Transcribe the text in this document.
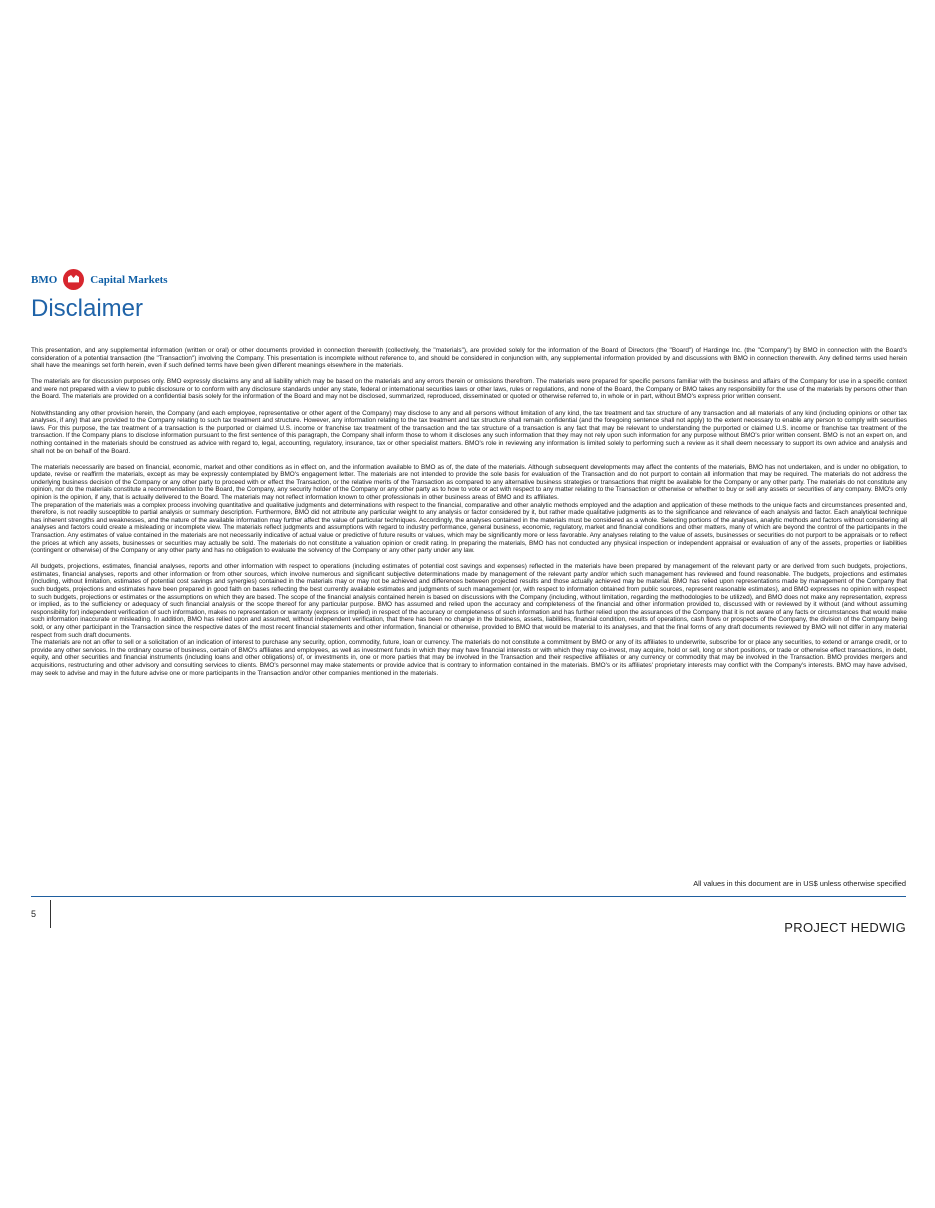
BMO	Capital Markets
Disclaimer

This presentation, and any supplemental information (written or oral) or other documents provided in connection therewith (collectively, the "materials"), are provided solely for the information of the Board of Directors (the "Board") of Hardinge Inc. (the "Company") by BMO in connection with the Board's consideration of a potential transaction (the "Transaction") involving the Company. This presentation is incomplete without reference to, and should be considered in conjunction with, any supplemental information provided by and discussions with BMO in connection therewith. Any defined terms used herein shall have the meanings set forth herein, even if such defined terms have been given different meanings elsewhere in the materials.

The materials are for discussion purposes only. BMO expressly disclaims any and all liability which may be based on the materials and any errors therein or omissions therefrom. The materials were prepared for specific persons familiar with the business and affairs of the Company for use in a specific context and were not prepared with a view to public disclosure or to conform with any disclosure standards under any state, federal or international securities laws or other laws, rules or regulations, and none of the Board, the Company or BMO takes any responsibility for the use of the materials by persons other than the Board. The materials are provided on a confidential basis solely for the information of the Board and may not be disclosed, summarized, reproduced, disseminated or quoted or otherwise referred to, in whole or in part, without BMO's express prior written consent.

Notwithstanding any other provision herein, the Company (and each employee, representative or other agent of the Company) may disclose to any and all persons without limitation of any kind, the tax treatment and tax structure of any transaction and all materials of any kind (including opinions or other tax analyses, if any) that are provided to the Company relating to such tax treatment and structure. However, any information relating to the tax treatment and tax structure shall remain confidential (and the foregoing sentence shall not apply) to the extent necessary to enable any person to comply with securities laws. For this purpose, the tax treatment of a transaction is the purported or claimed U.S. income or franchise tax treatment of the transaction and the tax structure of a transaction is any fact that may be relevant to understanding the purported or claimed U.S. income or franchise tax treatment of the transaction. If the Company plans to disclose information pursuant to the first sentence of this paragraph, the Company shall inform those to whom it discloses any such information that they may not rely upon such information for any purpose without BMO's prior written consent. BMO is not an expert on, and nothing contained in the materials should be construed as advice with regard to, legal, accounting, regulatory, insurance, tax or other specialist matters. BMO's role in reviewing any information is limited solely to performing such a review as it shall deem necessary to support its own advice and analysis and shall not be on behalf of the Board.

The materials necessarily are based on financial, economic, market and other conditions as in effect on, and the information available to BMO as of, the date of the materials. Although subsequent developments may affect the contents of the materials, BMO has not undertaken, and is under no obligation, to update, revise or reaffirm the materials, except as may be expressly contemplated by BMO's engagement letter. The materials are not intended to provide the sole basis for evaluation of the Transaction and do not purport to contain all information that may be required. The materials do not address the underlying business decision of the Company or any other party to proceed with or effect the Transaction, or the relative merits of the Transaction as compared to any alternative business strategies or transactions that might be available for the Company or any other party. The materials do not constitute any opinion, nor do the materials constitute a recommendation to the Board, the Company, any security holder of the Company or any other party as to how to vote or act with respect to any matter relating to the Transaction or otherwise or whether to buy or sell any assets or securities of any company. BMO's only opinion is the opinion, if any, that is actually delivered to the Board. The materials may not reflect information known to other professionals in other business areas of BMO and its affiliates.

The preparation of the materials was a complex process involving quantitative and qualitative judgments and determinations with respect to the financial, comparative and other analytic methods employed and the adaption and application of these methods to the unique facts and circumstances presented and, therefore, is not readily susceptible to partial analysis or summary description. Furthermore, BMO did not attribute any particular weight to any analysis or factor considered by it, but rather made qualitative judgments as to the significance and relevance of each analysis and factor. Each analytical technique has inherent strengths and weaknesses, and the nature of the available information may further affect the value of particular techniques. Accordingly, the analyses contained in the materials must be considered as a whole. Selecting portions of the analyses, analytic methods and factors without considering all analyses and factors could create a misleading or incomplete view. The materials reflect judgments and assumptions with regard to industry performance, general business, economic, regulatory, market and financial conditions and other matters, many of which are beyond the control of the participants in the Transaction. Any estimates of value contained in the materials are not necessarily indicative of actual value or predictive of future results or values, which may be significantly more or less favorable. Any analyses relating to the value of assets, businesses or securities do not purport to be appraisals or to reflect the prices at which any assets, businesses or securities may actually be sold. The materials do not constitute a valuation opinion or credit rating. In preparing the materials, BMO has not conducted any physical inspection or independent appraisal or evaluation of any of the assets, properties or liabilities (contingent or otherwise) of the Company or any other party and has no obligation to evaluate the solvency of the Company or any other party under any law.

All budgets, projections, estimates, financial analyses, reports and other information with respect to operations (including estimates of potential cost savings and expenses) reflected in the materials have been prepared by management of the relevant party or are derived from such budgets, projections, estimates, financial analyses, reports and other information or from other sources, which involve numerous and significant subjective determinations made by management of the relevant party and/or which such management has reviewed and found reasonable. The budgets, projections and estimates (including, without limitation, estimates of potential cost savings and synergies) contained in the materials may or may not be achieved and differences between projected results and those actually achieved may be material. BMO has relied upon representations made by management of the Company that such budgets, projections and estimates have been prepared in good faith on bases reflecting the best currently available estimates and judgments of such management (or, with respect to information obtained from public sources, represent reasonable estimates), and BMO expresses no opinion with respect to such budgets, projections or estimates or the assumptions on which they are based. The scope of the financial analysis contained herein is based on discussions with the Company (including, without limitation, regarding the methodologies to be utilized), and BMO does not make any representation, express or implied, as to the sufficiency or adequacy of such financial analysis or the scope thereof for any particular purpose. BMO has assumed and relied upon the accuracy and completeness of the financial and other information provided to, discussed with or reviewed by it without (and without assuming responsibility for) independent verification of such information, makes no representation or warranty (express or implied) in respect of the accuracy or completeness of such information and has further relied upon the assurances of the Company that it is not aware of any facts or circumstances that would make such information inaccurate or misleading. In addition, BMO has relied upon and assumed, without independent verification, that there has been no change in the business, assets, liabilities, financial condition, results of operations, cash flows or prospects of the Company, the division of the Company being sold, or any other participant in the Transaction since the respective dates of the most recent financial statements and other information, financial or otherwise, provided to BMO that would be material to its analyses, and that the final forms of any draft documents reviewed by BMO will not differ in any material respect from such draft documents.

The materials are not an offer to sell or a solicitation of an indication of interest to purchase any security, option, commodity, future, loan or currency. The materials do not constitute a commitment by BMO or any of its affiliates to underwrite, subscribe for or place any securities, to extend or arrange credit, or to provide any other services. In the ordinary course of business, certain of BMO's affiliates and employees, as well as investment funds in which they may have financial interests or with which they may co-invest, may acquire, hold or sell, long or short positions, or trade or otherwise effect transactions, in debt, equity, and other securities and financial instruments (including loans and other obligations) of, or investments in, one or more parties that may be involved in the Transaction and their respective affiliates or any currency or commodity that may be involved in the Transaction. BMO provides mergers and acquisitions, restructuring and other advisory and consulting services to clients. BMO's personnel may make statements or provide advice that is contrary to information contained in the materials. BMO's or its affiliates' proprietary interests may conflict with the Company's interests. BMO may have advised, may seek to advise and may in the future advise one or more participants in the Transaction and/or other companies mentioned in the materials.

All values in this document are in US$ unless otherwise specified
5
PROJECT HEDWIG
